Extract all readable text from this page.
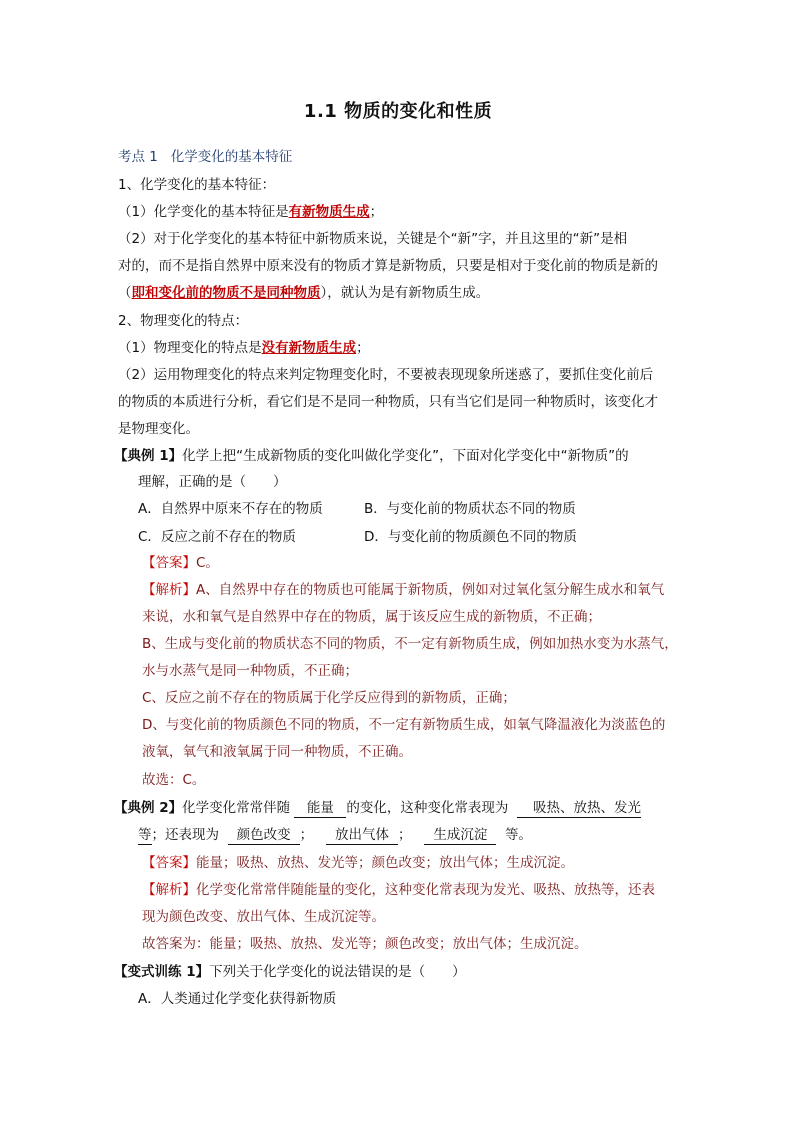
1.1 物质的变化和性质
考点 1 化学变化的基本特征
1、化学变化的基本特征：
（1）化学变化的基本特征是有新物质生成；
（2）对于化学变化的基本特征中新物质来说，关键是个“新”字，并且这里的“新”是相
对的，而不是指自然界中原来没有的物质才算是新物质，只要是相对于变化前的物质是新的
（即和变化前的物质不是同种物质），就认为是有新物质生成。
2、物理变化的特点：
（1）物理变化的特点是没有新物质生成；
（2）运用物理变化的特点来判定物理变化时，不要被表现现象所迷惑了，要抓住变化前后
的物质的本质进行分析，看它们是不是同一种物质，只有当它们是同一种物质时，该变化才
是物理变化。
【典例 1】化学上把“生成新物质的变化叫做化学变化”，下面对化学变化中“新物质”的
理解，正确的是（　　）
A．自然界中原来不存在的物质	B．与变化前的物质状态不同的物质
C．反应之前不存在的物质	D．与变化前的物质颜色不同的物质
【答案】C。
【解析】A、自然界中存在的物质也可能属于新物质，例如对过氧化氢分解生成水和氧气
来说，水和氧气是自然界中存在的物质，属于该反应生成的新物质，不正确；
B、生成与变化前的物质状态不同的物质，不一定有新物质生成，例如加热水变为水蒸气，
水与水蒸气是同一种物质，不正确；
C、反应之前不存在的物质属于化学反应得到的新物质，正确；
D、与变化前的物质颜色不同的物质，不一定有新物质生成，如氧气降温液化为淡蓝色的
液氧，氧气和液氧属于同一种物质，不正确。
故选：C。
【典例 2】化学变化常常伴随 能量 的变化，这种变化常表现为 吸热、放热、发光
等；还表现为 颜色改变 ； 放出气体 ； 生成沉淀 等。
【答案】能量；吸热、放热、发光等；颜色改变；放出气体；生成沉淀。
【解析】化学变化常常伴随能量的变化，这种变化常表现为发光、吸热、放热等，还表
现为颜色改变、放出气体、生成沉淀等。
故答案为：能量；吸热、放热、发光等；颜色改变；放出气体；生成沉淀。
【变式训练 1】下列关于化学变化的说法错误的是（　　）
A．人类通过化学变化获得新物质
